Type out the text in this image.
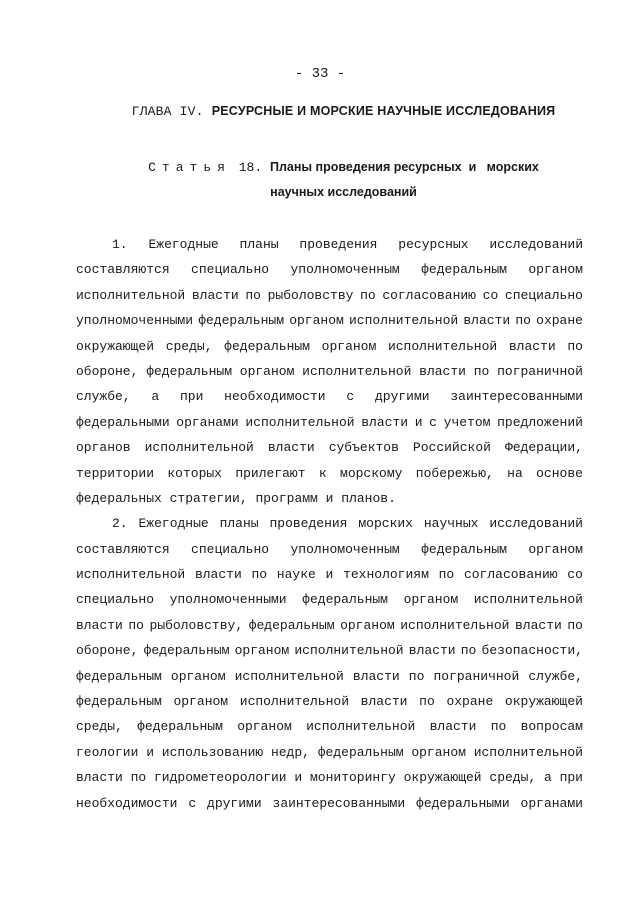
- 33 -
ГЛАВА IV. РЕСУРСНЫЕ И МОРСКИЕ НАУЧНЫЕ ИССЛЕДОВАНИЯ
Статья 18. Планы проведения ресурсных  и   морских
научных исследований
1. Ежегодные планы проведения ресурсных исследований
составляются специально уполномоченным федеральным органом
исполнительной власти по рыболовству по согласованию со специально
уполномоченными федеральным органом исполнительной власти по охране
окружающей среды, федеральным органом исполнительной власти по
обороне, федеральным органом исполнительной власти по пограничной
службе, а при необходимости с другими заинтересованными
федеральными органами исполнительной власти и с учетом предложений
органов исполнительной власти субъектов Российской Федерации,
территории которых прилегают к морскому побережью, на основе
федеральных стратегии, программ и планов.
2. Ежегодные планы проведения морских научных исследований
составляются специально уполномоченным федеральным органом
исполнительной власти по науке и технологиям по согласованию со
специально уполномоченными федеральным органом исполнительной
власти по рыболовству, федеральным органом исполнительной власти по
обороне, федеральным органом исполнительной власти по безопасности,
федеральным органом исполнительной власти по пограничной службе,
федеральным органом исполнительной власти по охране окружающей
среды, федеральным органом исполнительной власти по вопросам
геологии и использованию недр, федеральным органом исполнительной
власти по гидрометеорологии и мониторингу окружающей среды, а при
необходимости с другими заинтересованными федеральными органами
